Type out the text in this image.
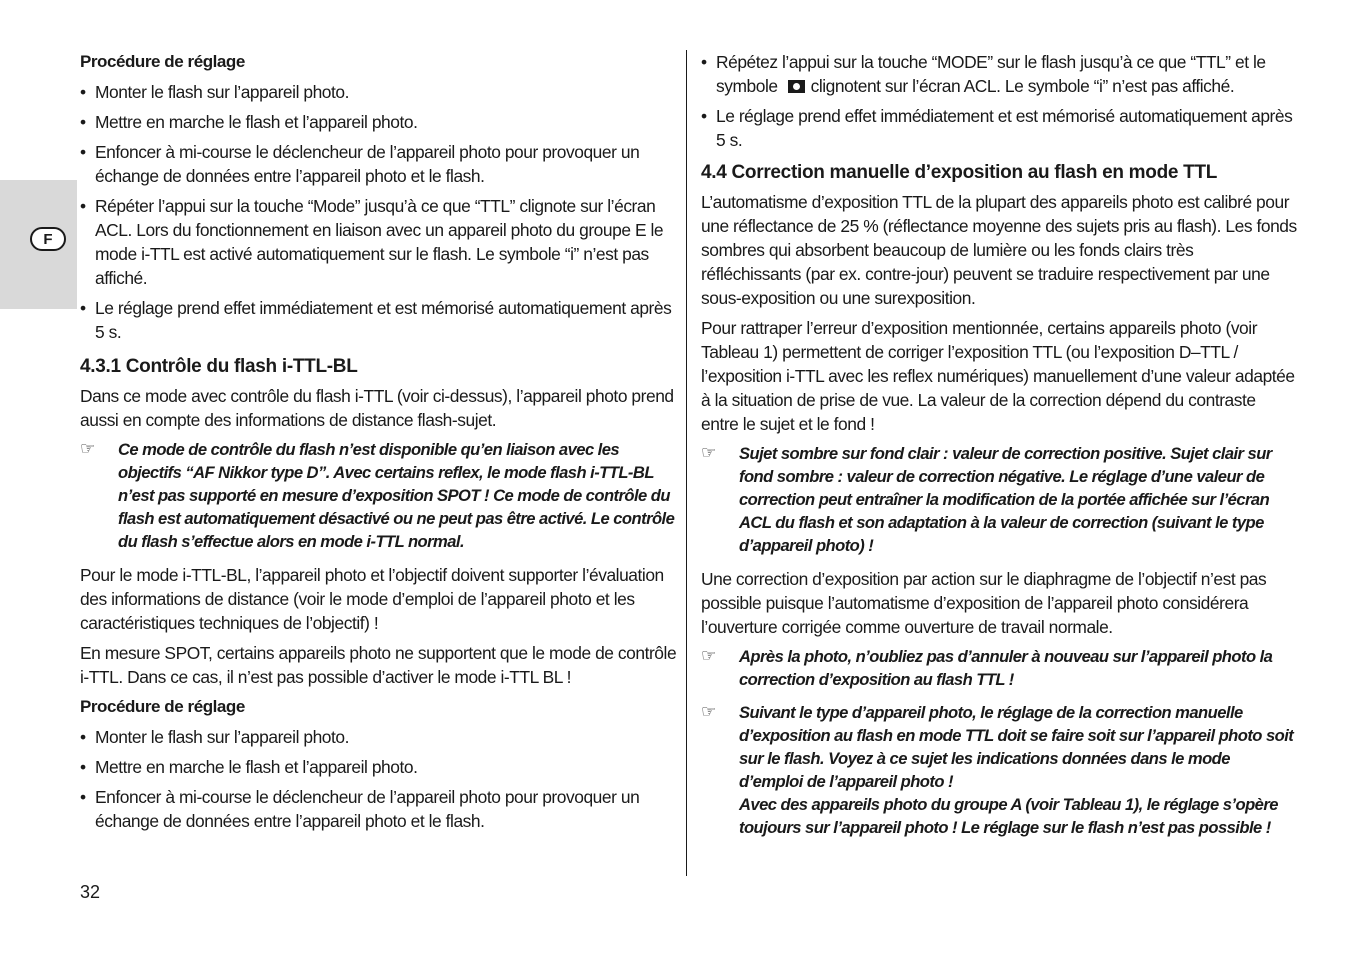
F
Procédure de réglage
• Monter le flash sur l’appareil photo.
• Mettre en marche le flash et l’appareil photo.
• Enfoncer à mi-course le déclencheur de l’appareil photo pour provoquer un échange de données entre l’appareil photo et le flash.
• Répéter l’appui sur la touche “Mode” jusqu’à ce que “TTL” clignote sur l’écran ACL. Lors du fonctionnement en liaison avec un appareil photo du groupe E le mode i-TTL est activé automatiquement sur le flash. Le symbole “i” n’est pas affiché.
• Le réglage prend effet immédiatement et est mémorisé automatiquement après 5 s.
4.3.1 Contrôle du flash i-TTL-BL

Dans ce mode avec contrôle du flash i-TTL (voir ci-dessus), l’appareil photo prend aussi en compte des informations de distance flash-sujet.

☞ Ce mode de contrôle du flash n’est disponible qu’en liaison avec les objectifs “AF Nikkor type D”. Avec certains reflex, le mode flash i-TTL-BL n’est pas supporté en mesure d’exposition SPOT ! Ce mode de contrôle du flash est automatiquement désactivé ou ne peut pas être activé. Le contrôle du flash s’effectue alors en mode i-TTL normal.

Pour le mode i-TTL-BL, l’appareil photo et l’objectif doivent supporter l’évaluation des informations de distance (voir le mode d’emploi de l’appareil photo et les caractéristiques techniques de l’objectif) !

En mesure SPOT, certains appareils photo ne supportent que le mode de contrôle i-TTL. Dans ce cas, il n’est pas possible d’activer le mode i-TTL BL !

Procédure de réglage
• Monter le flash sur l’appareil photo.
• Mettre en marche le flash et l’appareil photo.
• Enfoncer à mi-course le déclencheur de l’appareil photo pour provoquer un échange de données entre l’appareil photo et le flash.
• Répétez l’appui sur la touche “MODE” sur le flash jusqu’à ce que “TTL” et le symbole clignotent sur l’écran ACL. Le symbole “i” n’est pas affiché.
• Le réglage prend effet immédiatement et est mémorisé automatiquement après 5 s.
4.4 Correction manuelle d’exposition au flash en mode TTL

L’automatisme d’exposition TTL de la plupart des appareils photo est calibré pour une réflectance de 25 % (réflectance moyenne des sujets pris au flash). Les fonds sombres qui absorbent beaucoup de lumière ou les fonds clairs très réfléchissants (par ex. contre-jour) peuvent se traduire respectivement par une sous-exposition ou une surexposition.

Pour rattraper l’erreur d’exposition mentionnée, certains appareils photo (voir Tableau 1) permettent de corriger l’exposition TTL (ou l’exposition D–TTL / l’exposition i-TTL avec les reflex numériques) manuellement d’une valeur adaptée à la situation de prise de vue. La valeur de la correction dépend du contraste entre le sujet et le fond !

☞ Sujet sombre sur fond clair : valeur de correction positive. Sujet clair sur fond sombre : valeur de correction négative. Le réglage d’une valeur de correction peut entraîner la modification de la portée affichée sur l’écran ACL du flash et son adaptation à la valeur de correction (suivant le type d’appareil photo) !

Une correction d’exposition par action sur le diaphragme de l’objectif n’est pas possible puisque l’automatisme d’exposition de l’appareil photo considérera l’ouverture corrigée comme ouverture de travail normale.

☞ Après la photo, n’oubliez pas d’annuler à nouveau sur l’appareil photo la correction d’exposition au flash TTL !
☞ Suivant le type d’appareil photo, le réglage de la correction manuelle d’exposition au flash en mode TTL doit se faire soit sur l’appareil photo soit sur le flash. Voyez à ce sujet les indications données dans le mode d’emploi de l’appareil photo !
Avec des appareils photo du groupe A (voir Tableau 1), le réglage s’opère toujours sur l’appareil photo ! Le réglage sur le flash n’est pas possible !
32
